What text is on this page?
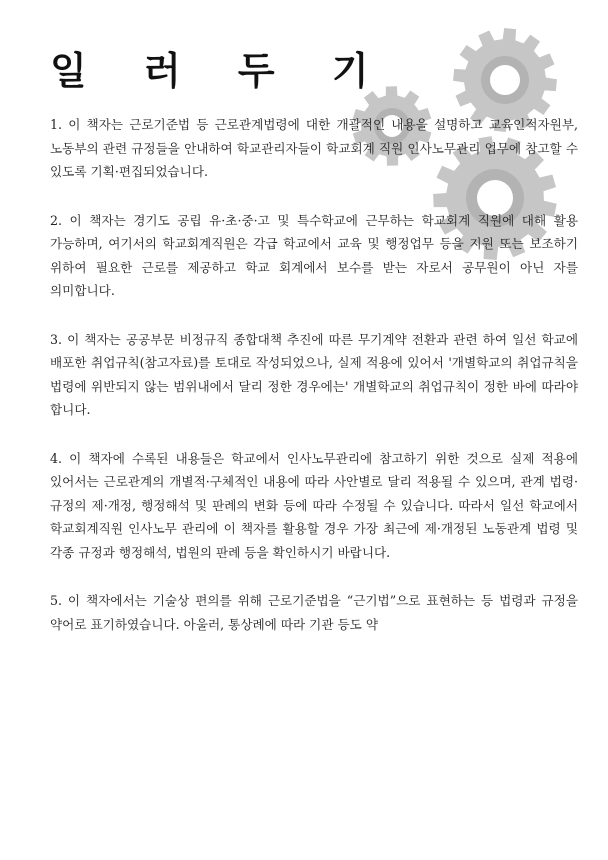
일 러 두 기

1. 이 책자는 근로기준법 등 근로관계법령에 대한 개괄적인 내용을 설명하고 교육인적자원부, 노동부의 관련 규정들을 안내하여 학교관리자들이 학교회계 직원 인사노무관리 업무에 참고할 수 있도록 기획·편집되었습니다.

2. 이 책자는 경기도 공립 유·초·중·고 및 특수학교에 근무하는 학교회계 직원에 대해 활용 가능하며, 여기서의 학교회계직원은 각급 학교에서 교육 및 행정업무 등을 지원 또는 보조하기 위하여 필요한 근로를 제공하고 학교 회계에서 보수를 받는 자로서 공무원이 아닌 자를 의미합니다.

3. 이 책자는 공공부문 비정규직 종합대책 추진에 따른 무기계약 전환과 관련 하여 일선 학교에 배포한 취업규칙(참고자료)를 토대로 작성되었으나, 실제 적용에 있어서 '개별학교의 취업규칙을 법령에 위반되지 않는 범위내에서 달리 정한 경우에는' 개별학교의 취업규칙이 정한 바에 따라야 합니다.

4. 이 책자에 수록된 내용들은 학교에서 인사노무관리에 참고하기 위한 것으로 실제 적용에 있어서는 근로관계의 개별적·구체적인 내용에 따라 사안별로 달리 적용될 수 있으며, 관계 법령·규정의 제·개정, 행정해석 및 판례의 변화 등에 따라 수정될 수 있습니다. 따라서 일선 학교에서 학교회계직원 인사노무 관리에 이 책자를 활용할 경우 가장 최근에 제·개정된 노동관계 법령 및 각종 규정과 행정해석, 법원의 판례 등을 확인하시기 바랍니다.

5. 이 책자에서는 기술상 편의를 위해 근로기준법을 “근기법”으로 표현하는 등 법령과 규정을 약어로 표기하였습니다. 아울러, 통상례에 따라 기관 등도 약
